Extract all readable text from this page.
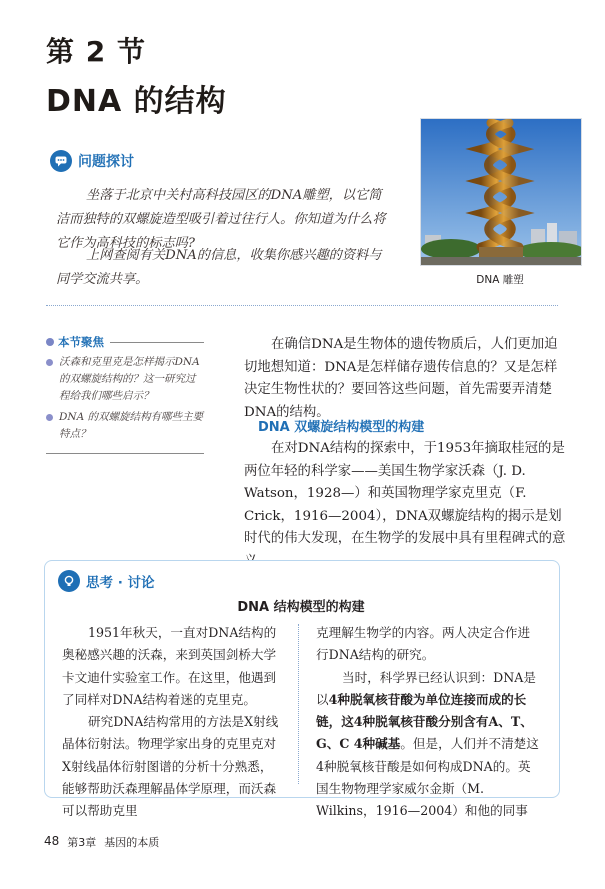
第 2 节
DNA 的结构
问题探讨
坐落于北京中关村高科技园区的DNA雕塑，以它简洁而独特的双螺旋造型吸引着过往行人。你知道为什么将它作为高科技的标志吗?
上网查阅有关DNA的信息，收集你感兴趣的资料与同学交流共享。	DNA 雕塑
本节聚焦
沃森和克里克是怎样揭示DNA的双螺旋结构的？这一研究过程给我们哪些启示？
DNA 的双螺旋结构有哪些主要特点？
在确信DNA是生物体的遗传物质后，人们更加迫切地想知道：DNA是怎样储存遗传信息的？又是怎样决定生物性状的？要回答这些问题，首先需要弄清楚DNA的结构。
DNA 双螺旋结构模型的构建
在对DNA结构的探索中，于1953年摘取桂冠的是两位年轻的科学家——美国生物学家沃森（J. D. Watson，1928—）和英国物理学家克里克（F. Crick，1916—2004），DNA双螺旋结构的揭示是划时代的伟大发现，在生物学的发展中具有里程碑式的意
思考 · 讨论
DNA 结构模型的构建

1951年秋天，一直对DNA结构的奥秘感兴趣的沃森，来到英国剑桥大学卡文迪什实验室工作。在这里，他遇到了同样对DNA结构着迷的克里克。

研究DNA结构常用的方法是X射线晶体衍射法。物理学家出身的克里克对X射线晶体衍射图谱的分析十分熟悉，能够帮助沃森理解晶体学原理，而沃森可以帮助克里

克理解生物学的内容。两人决定合作进行DNA结构的研究。

当时，科学界已经认识到：DNA是以4种脱氧核苷酸为单位连接而成的长链，这4种脱氧核苷酸分别含有A、T、G、C 4种碱基。但是，人们并不清楚这4种脱氧核苷酸是如何构成DNA的。英国生物物理学家威尔金斯（M. Wilkins，1916—2004）和他的同事

48 第3章 基因的本质
